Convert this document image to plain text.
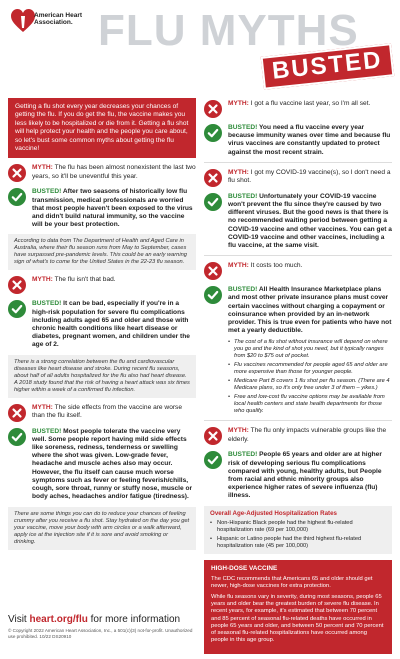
American Heart Association. FLU MYTHS
BUSTED
Getting a flu shot every year decreases your chances of getting the flu. If you do get the flu, the vaccine makes you less likely to be hospitalized or die from it. Getting a flu shot will help protect your health and the people you care about, so let's bust some common myths about getting the flu vaccine!
MYTH: The flu has been almost nonexistent the last two years, so it'll be uneventful this year.
BUSTED! After two seasons of historically low flu transmission, medical professionals are worried that most people haven't been exposed to the virus and didn't build natural immunity, so the vaccine will be your best protection.
According to data from The Department of Health and Aged Care in Australia, where their flu season runs from May to September, cases have surpassed pre-pandemic levels. This could be an early warning sign of what's to come for the United States in the 22-23 flu season.
MYTH: The flu isn't that bad.
BUSTED! It can be bad, especially if you're in a high-risk population for severe flu complications including adults aged 65 and older and those with chronic health conditions like heart disease or diabetes, pregnant women, and children under the age of 2.
There is a strong correlation between the flu and cardiovascular diseases like heart disease and stroke. During recent flu seasons, about half of all adults hospitalized for the flu also had heart disease. A 2018 study found that the risk of having a heart attack was six times higher within a week of a confirmed flu infection.
MYTH: The side effects from the vaccine are worse than the flu itself.
BUSTED! Most people tolerate the vaccine very well. Some people report having mild side effects like soreness, redness, tenderness or swelling where the shot was given. Low-grade fever, headache and muscle aches also may occur. However, the flu itself can cause much worse symptoms such as fever or feeling feverish/chills, cough, sore throat, runny or stuffy nose, muscle or body aches, headaches and/or fatigue (tiredness).
There are some things you can do to reduce your chances of feeling crummy after you receive a flu shot. Stay hydrated on the day you get your vaccine, move your body with arm circles or a walk afterward, apply ice at the injection site if it is sore and avoid smoking or drinking.
MYTH: I got a flu vaccine last year, so I'm all set.
BUSTED! You need a flu vaccine every year because immunity wanes over time and because flu virus vaccines are constantly updated to protect against the most recent strain.
MYTH: I got my COVID-19 vaccine(s), so I don't need a flu shot.
BUSTED! Unfortunately your COVID-19 vaccine won't prevent the flu since they're caused by two different viruses. But the good news is that there is no recommended waiting period between getting a COVID-19 vaccine and other vaccines. You can get a COVID-19 vaccine and other vaccines, including a flu vaccine, at the same visit.
MYTH: It costs too much.
BUSTED! All Health Insurance Marketplace plans and most other private insurance plans must cover certain vaccines without charging a copayment or coinsurance when provided by an in-network provider. This is true even for patients who have not met a yearly deductible.
• The cost of a flu shot without insurance will depend on where you go and the kind of shot you need, but it typically ranges from $20 to $75 out of pocket.
• Flu vaccines recommended for people aged 65 and older are more expensive than those for younger people.
• Medicare Part B covers 1 flu shot per flu season. (There are 4 Medicare plans, so it's only free under 3 of them – yikes.)
• Free and low-cost flu vaccine options may be available from local health centers and state health departments for those who qualify.
MYTH: The flu only impacts vulnerable groups like the elderly.
BUSTED! People 65 years and older are at higher risk of developing serious flu complications compared with young, healthy adults, but People from racial and ethnic minority groups also experience higher rates of severe influenza (flu) illness.
Overall Age-Adjusted Hospitalization Rates
• Non-Hispanic Black people had the highest flu-related hospitalization rate (69 per 100,000)
• Hispanic or Latino people had the third highest flu-related hospitalization rate (45 per 100,000)
HIGH-DOSE VACCINE
The CDC recommends that Americans 65 and older should get newer, high-dose vaccines for extra protection.
While flu seasons vary in severity, during most seasons, people 65 years and older bear the greatest burden of severe flu disease. In recent years, for example, it's estimated that between 70 percent and 85 percent of seasonal flu-related deaths have occurred in people 65 years and older, and between 50 percent and 70 percent of seasonal flu-related hospitalizations have occurred among people in this age group.
Visit heart.org/flu for more information
© Copyright 2022 American Heart Association, Inc., a 501(c)(3) not-for-profit. Unauthorized use prohibited. 10/22 DS20910
